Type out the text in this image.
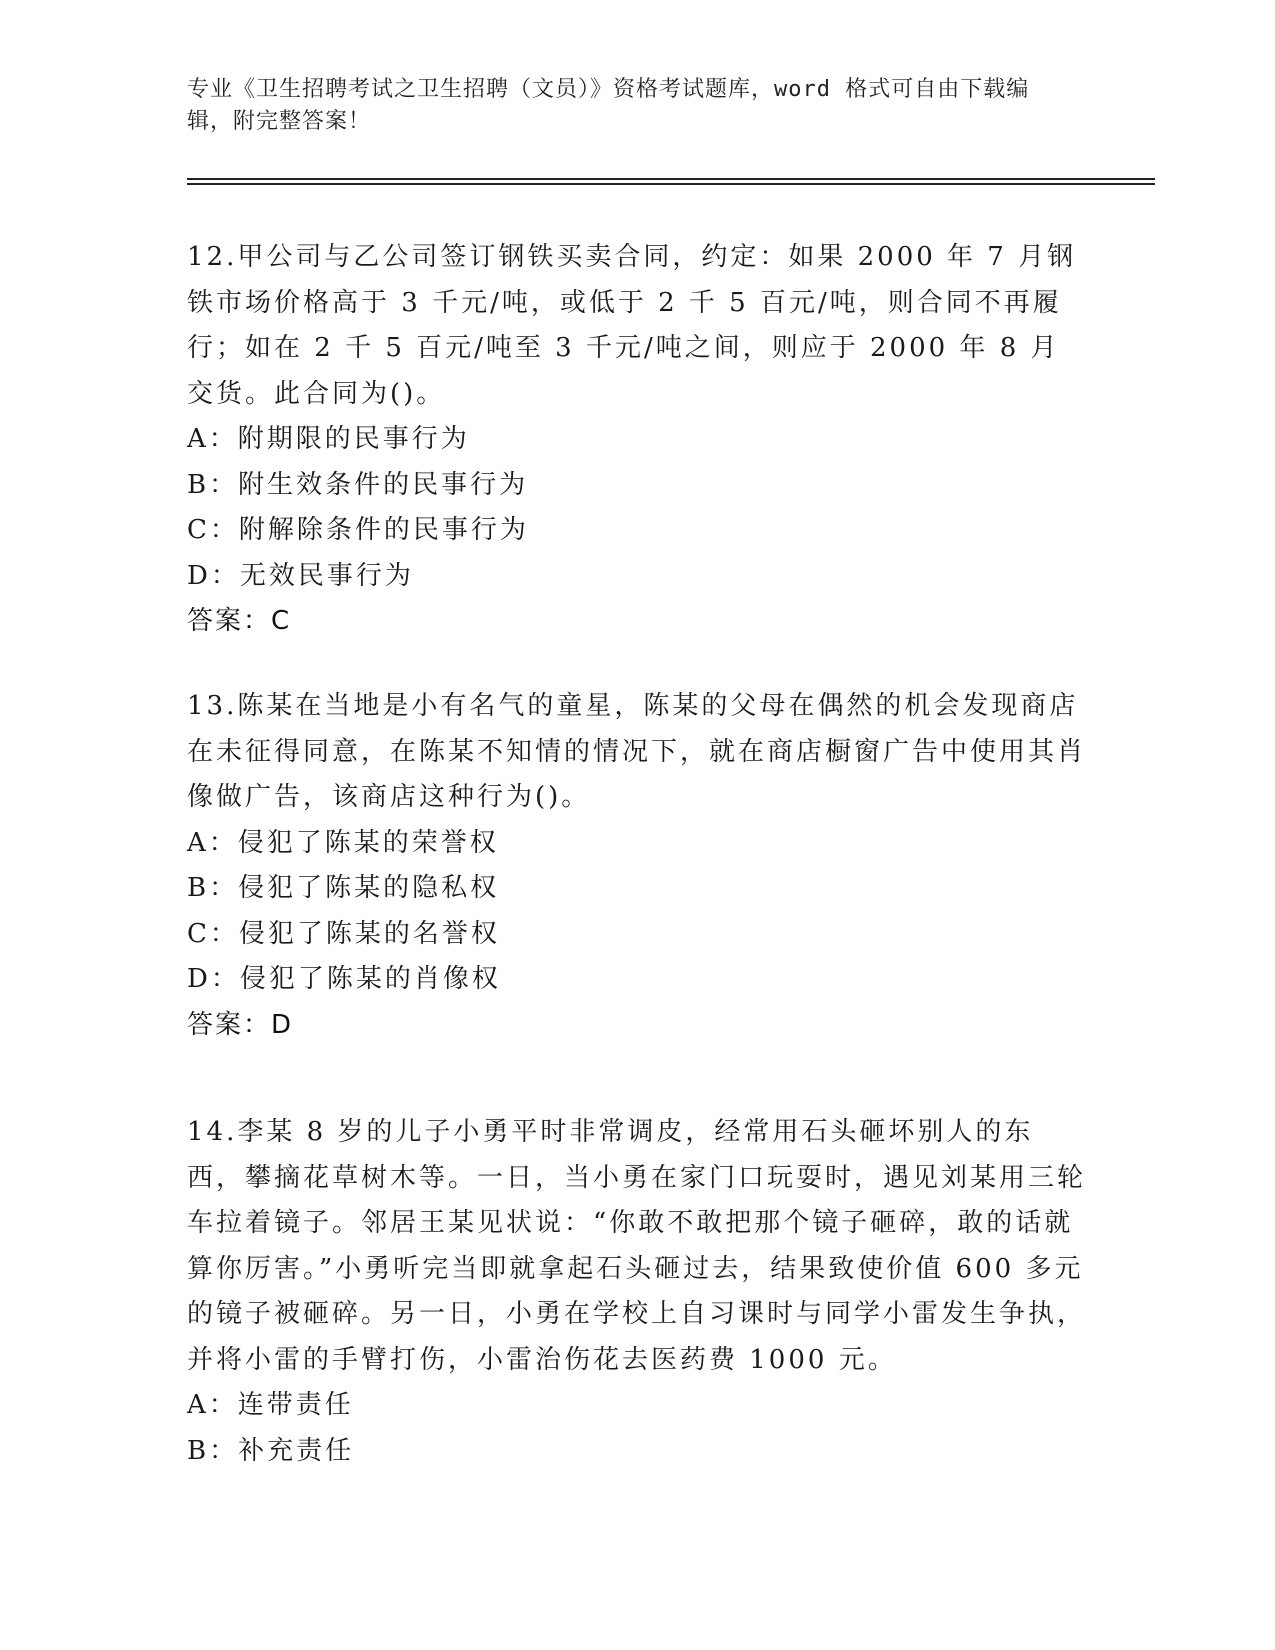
专业《卫生招聘考试之卫生招聘（文员）》资格考试题库，word 格式可自由下载编辑，附完整答案！
12.甲公司与乙公司签订钢铁买卖合同，约定：如果 2000 年 7 月钢铁市场价格高于 3 千元/吨，或低于 2 千 5 百元/吨，则合同不再履行；如在 2 千 5 百元/吨至 3 千元/吨之间，则应于 2000 年 8 月交货。此合同为()。
A：附期限的民事行为
B：附生效条件的民事行为
C：附解除条件的民事行为
D：无效民事行为
答案：C
13.陈某在当地是小有名气的童星，陈某的父母在偶然的机会发现商店在未征得同意，在陈某不知情的情况下，就在商店橱窗广告中使用其肖像做广告，该商店这种行为()。
A：侵犯了陈某的荣誉权
B：侵犯了陈某的隐私权
C：侵犯了陈某的名誉权
D：侵犯了陈某的肖像权
答案：D
14.李某 8 岁的儿子小勇平时非常调皮，经常用石头砸坏别人的东西，攀摘花草树木等。一日，当小勇在家门口玩耍时，遇见刘某用三轮车拉着镜子。邻居王某见状说：“你敢不敢把那个镜子砸碎，敢的话就算你厉害。”小勇听完当即就拿起石头砸过去，结果致使价值 600 多元的镜子被砸碎。另一日，小勇在学校上自习课时与同学小雷发生争执，并将小雷的手臂打伤，小雷治伤花去医药费 1000 元。
A：连带责任
B：补充责任
